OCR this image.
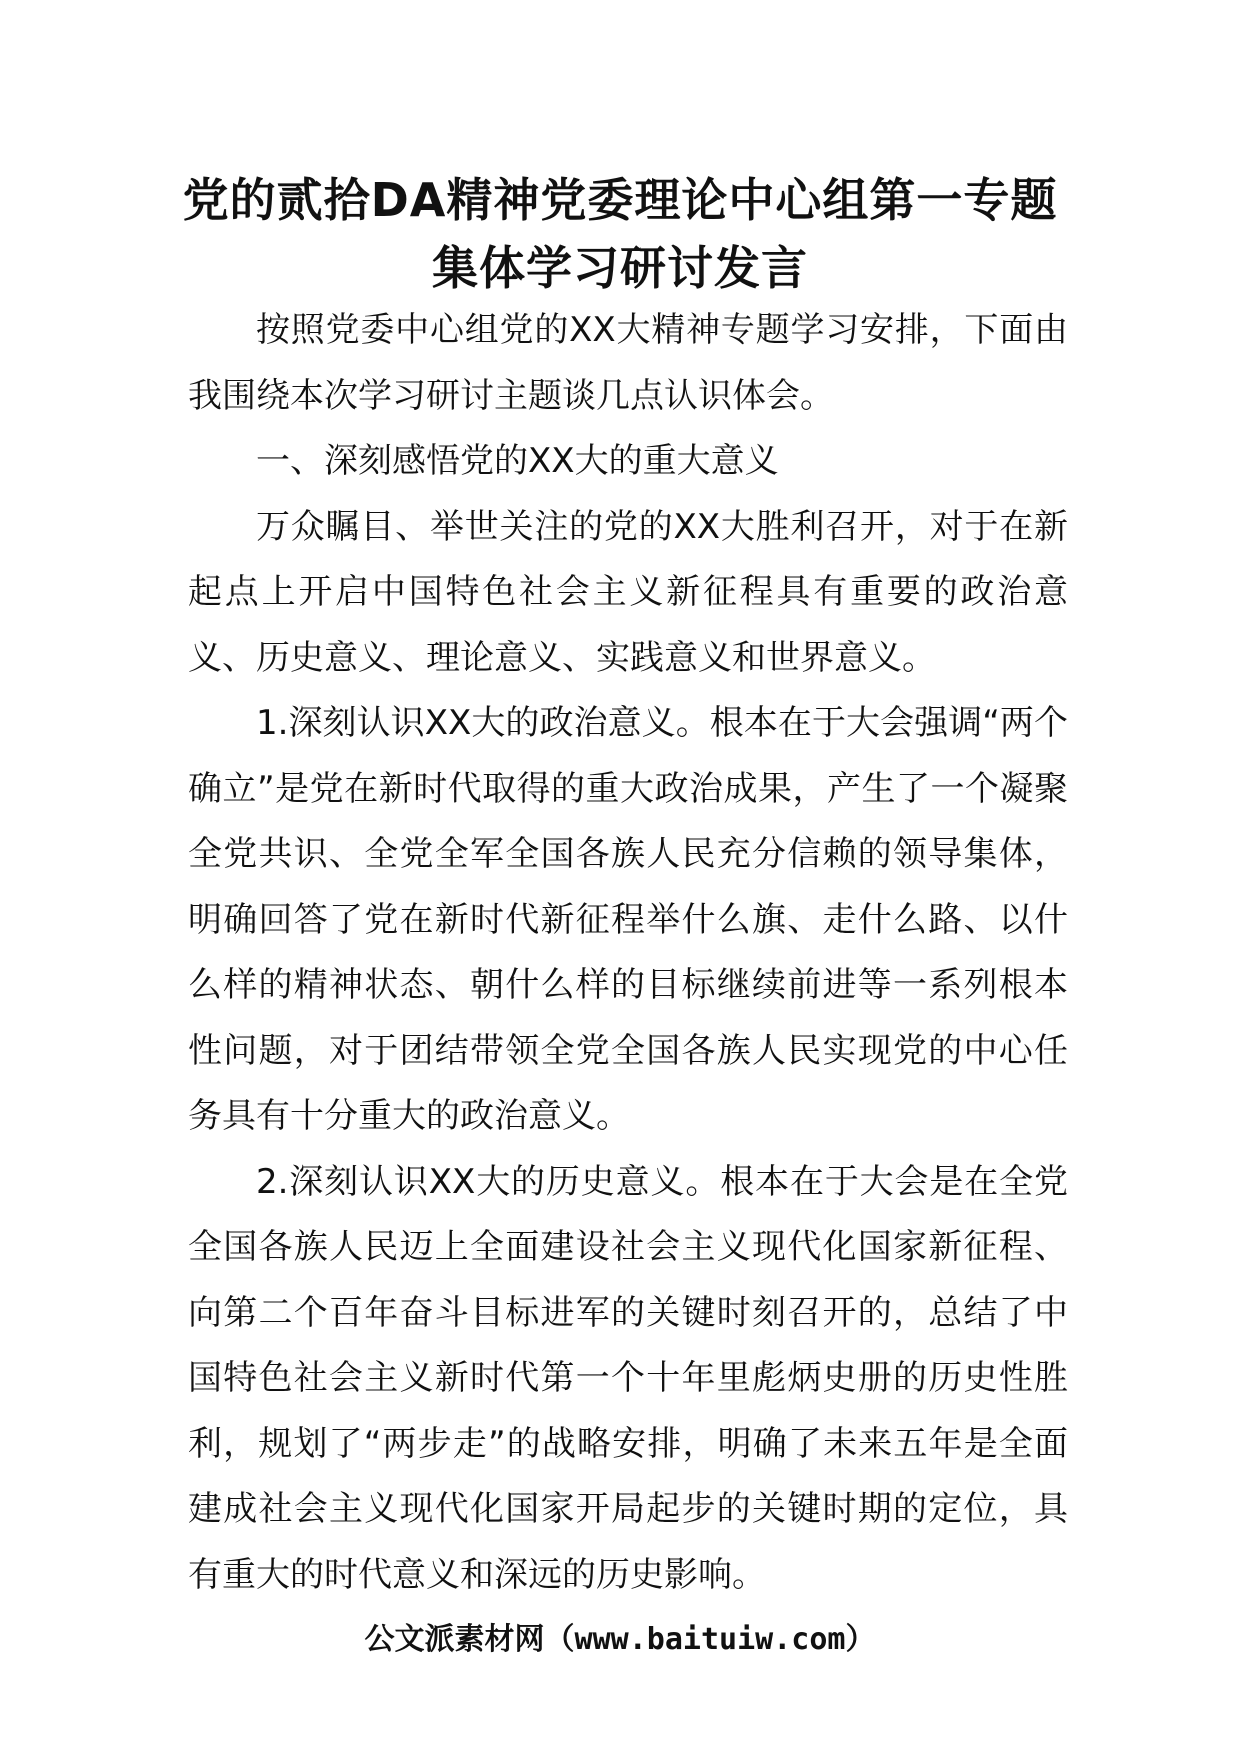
党的贰拾DA精神党委理论中心组第一专题
集体学习研讨发言

按照党委中心组党的XX大精神专题学习安排，下面由我围绕本次学习研讨主题谈几点认识体会。

一、深刻感悟党的XX大的重大意义

万众瞩目、举世关注的党的XX大胜利召开，对于在新起点上开启中国特色社会主义新征程具有重要的政治意义、历史意义、理论意义、实践意义和世界意义。

1.深刻认识XX大的政治意义。根本在于大会强调“两个确立”是党在新时代取得的重大政治成果，产生了一个凝聚全党共识、全党全军全国各族人民充分信赖的领导集体，明确回答了党在新时代新征程举什么旗、走什么路、以什么样的精神状态、朝什么样的目标继续前进等一系列根本性问题，对于团结带领全党全国各族人民实现党的中心任务具有十分重大的政治意义。

2.深刻认识XX大的历史意义。根本在于大会是在全党全国各族人民迈上全面建设社会主义现代化国家新征程、向第二个百年奋斗目标进军的关键时刻召开的，总结了中国特色社会主义新时代第一个十年里彪炳史册的历史性胜利，规划了“两步走”的战略安排，明确了未来五年是全面建成社会主义现代化国家开局起步的关键时期的定位，具有重大的时代意义和深远的历史影响。

公文派素材网（www.baituiw.com）
